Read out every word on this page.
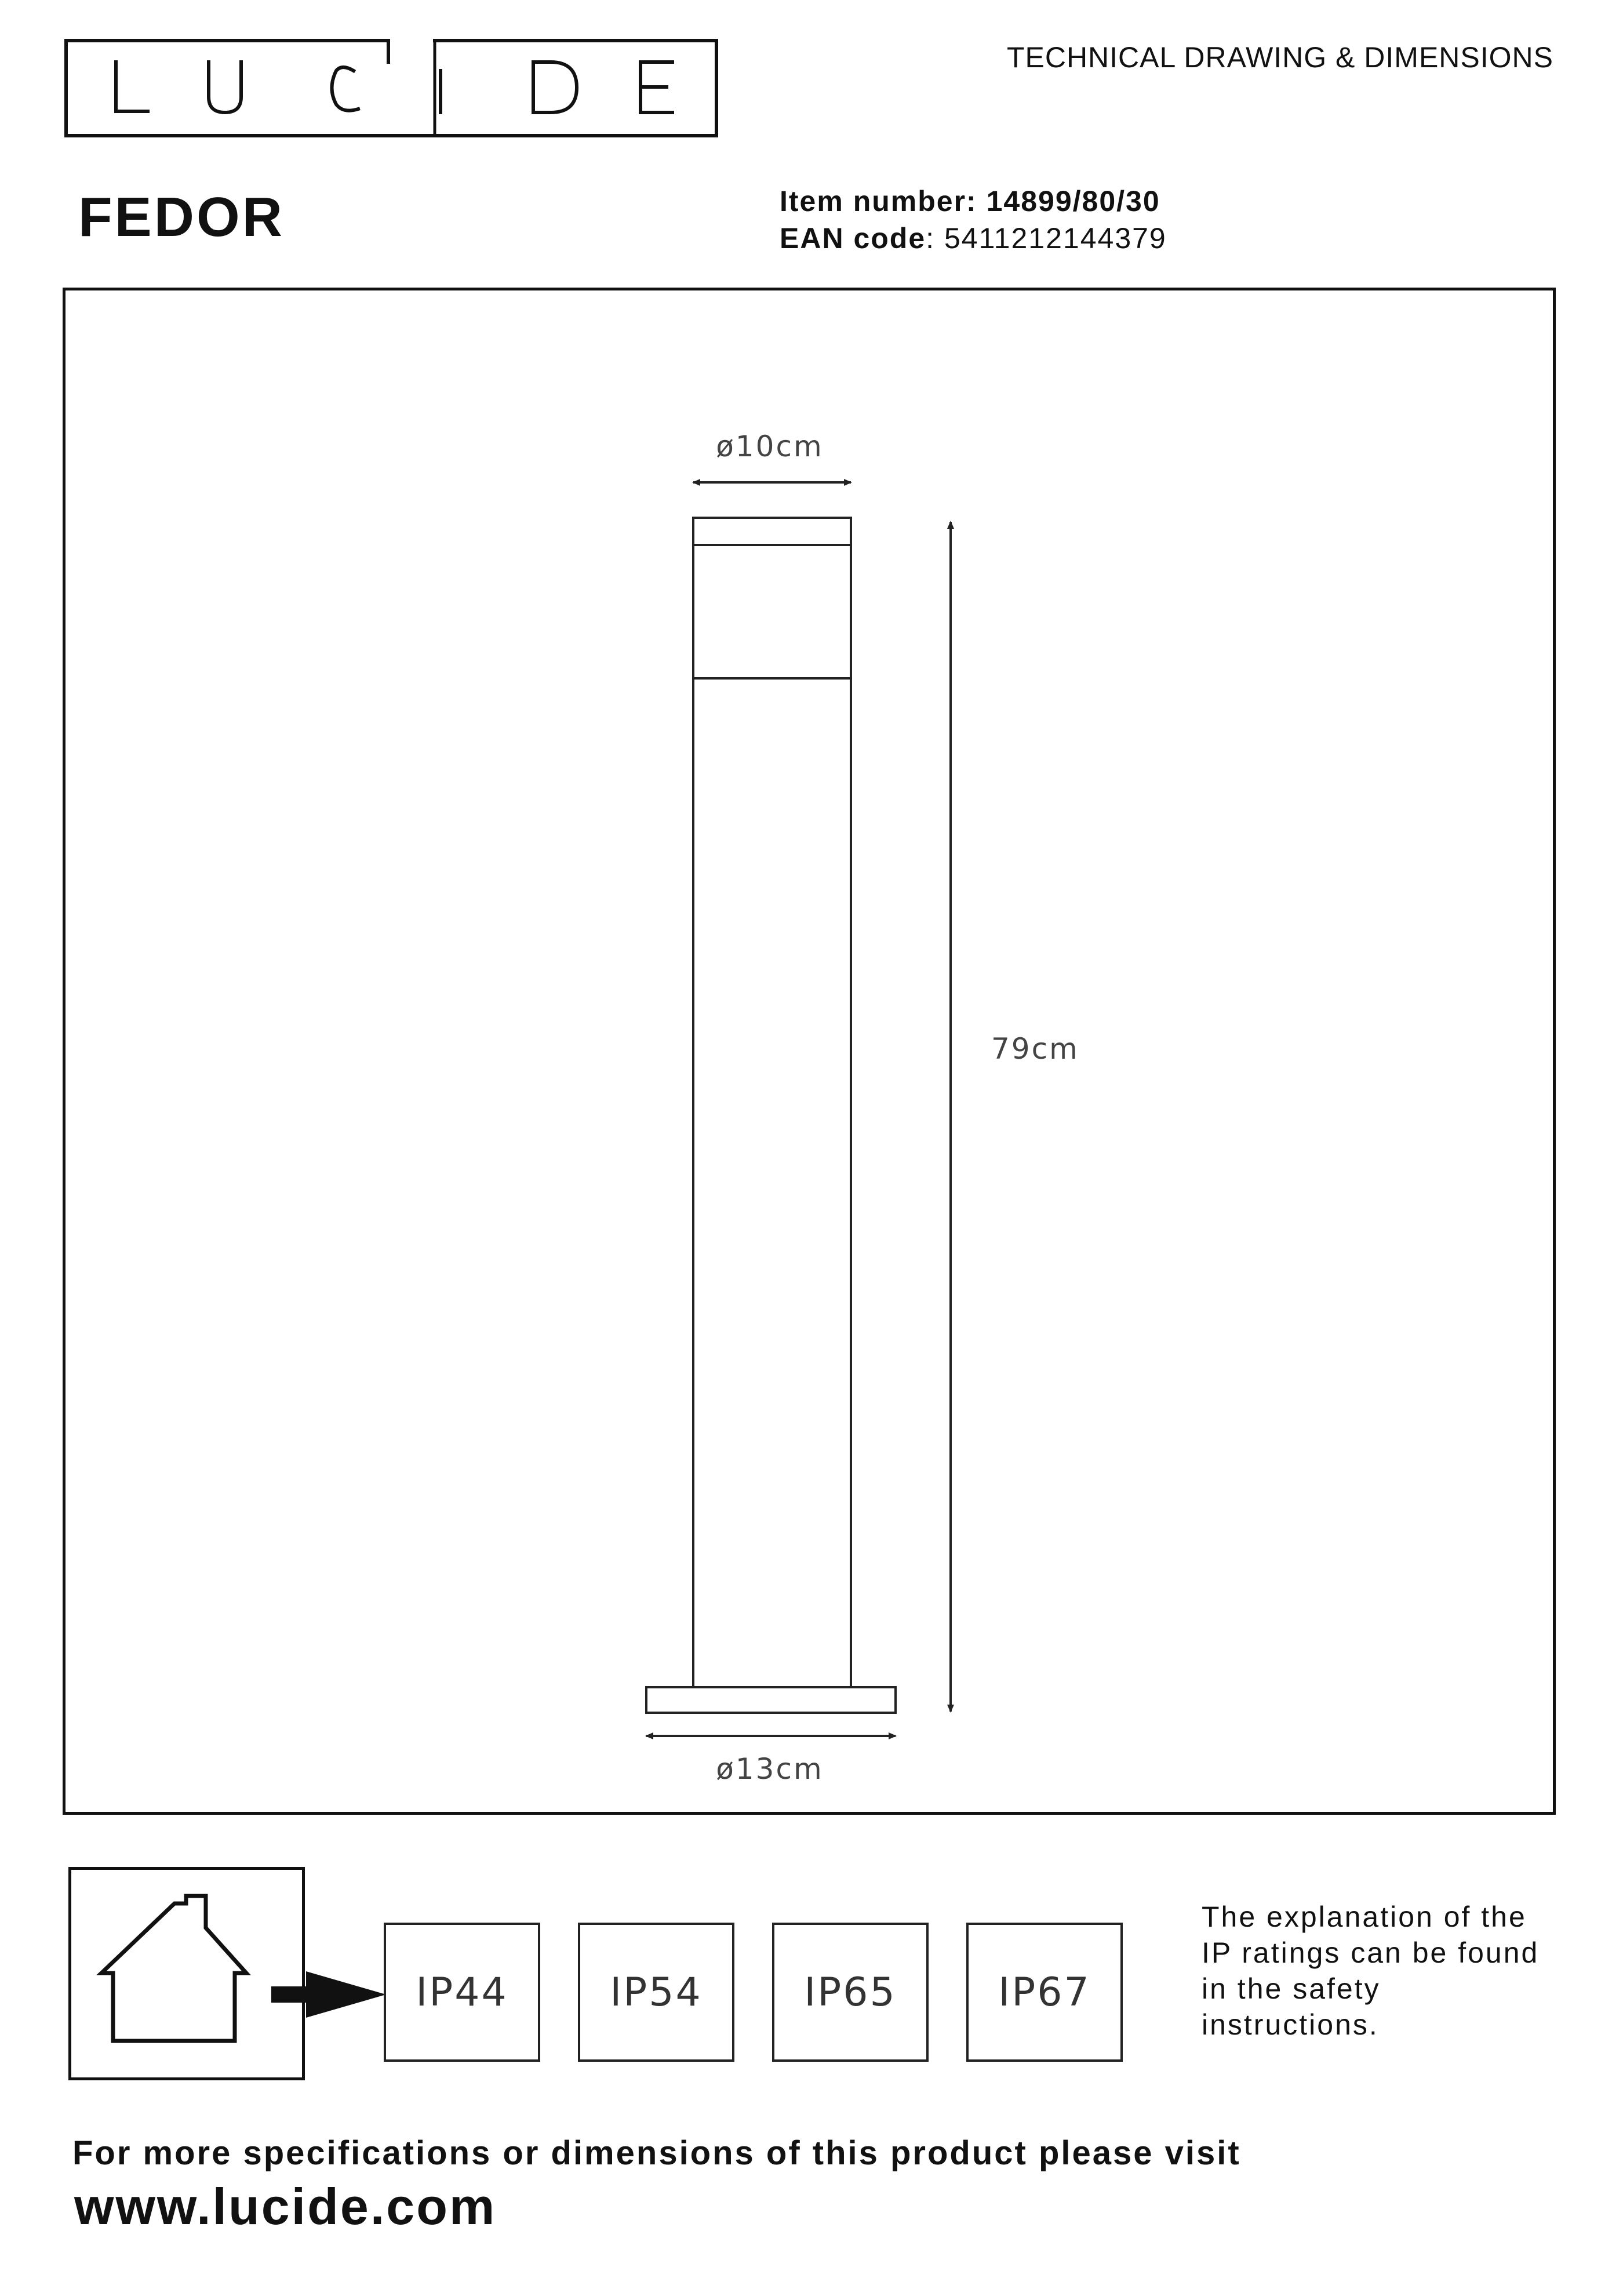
TECHNICAL DRAWING & DIMENSIONS
FEDOR	Item number: 14899/80/30
EAN code: 5411212144379
ø10cm
79cm
ø13cm
IP44	IP54	IP65	IP67
The explanation of the IP ratings can be found in the safety instructions.
For more specifications or dimensions of this product please visit
www.lucide.com
